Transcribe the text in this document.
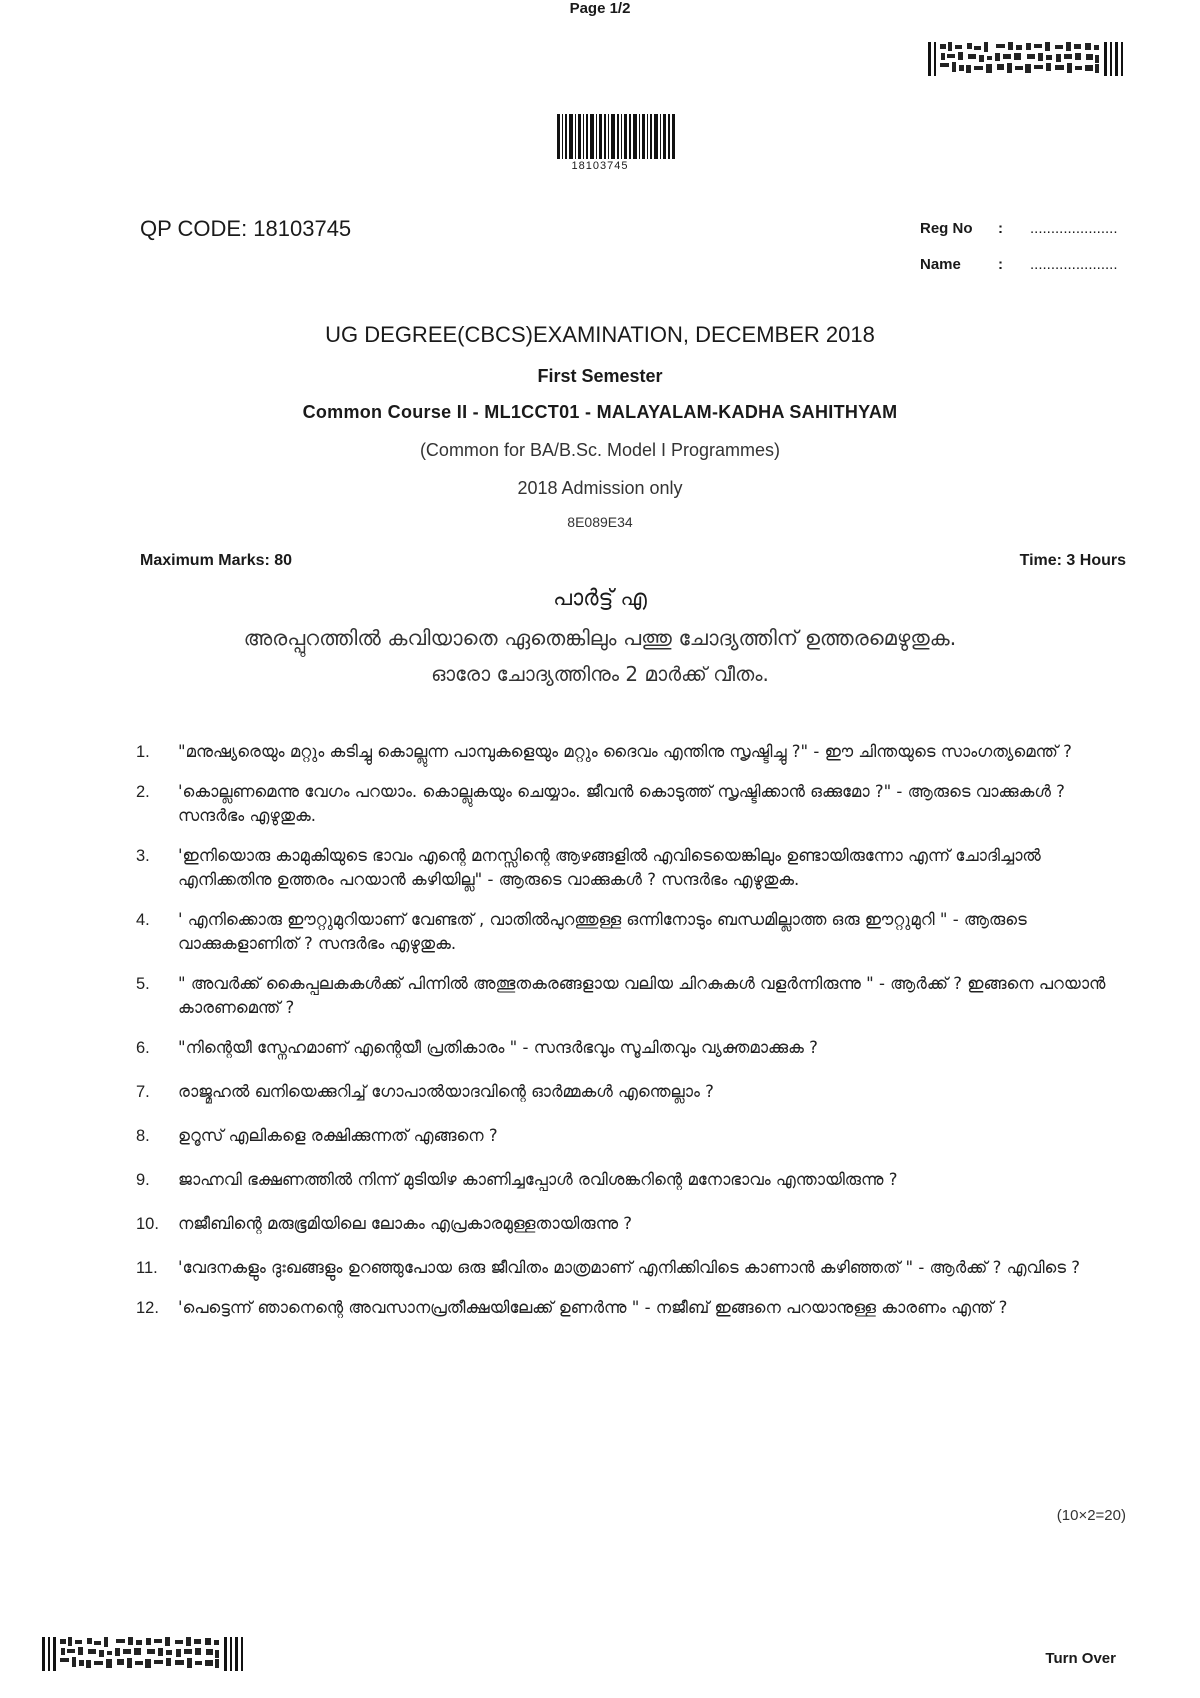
18103745
QP CODE: 18103745	Reg No : .....................
Name : .....................
UG DEGREE(CBCS)EXAMINATION, DECEMBER 2018
First Semester
Common Course II - ML1CCT01 - MALAYALAM-KADHA SAHITHYAM
(Common for BA/B.Sc. Model I Programmes)
2018 Admission only
8E089E34
Maximum Marks: 80	Time: 3 Hours
പാർട്ട് എ
അരപ്പുറത്തിൽ കവിയാതെ ഏതെങ്കിലും പത്തു ചോദ്യത്തിന് ഉത്തരമെഴുതുക.
ഓരോ ചോദ്യത്തിനും 2 മാർക്ക് വീതം.
1.	"മനുഷ്യരെയും മറ്റും കടിച്ചു കൊല്ലുന്ന പാമ്പുകളെയും മറ്റും ദൈവം എന്തിനു സൃഷ്ടിച്ചു ?" - ഈ ചിന്തയുടെ സാംഗത്യമെന്ത് ?
2.	'കൊല്ലണമെന്നു വേഗം പറയാം. കൊല്ലുകയും ചെയ്യാം. ജീവൻ കൊടുത്ത് സൃഷ്ടിക്കാൻ ഒക്കുമോ ?" - ആരുടെ വാക്കുകൾ ? സന്ദർഭം എഴുതുക.
3.	'ഇനിയൊരു കാമുകിയുടെ ഭാവം എന്റെ മനസ്സിന്റെ ആഴങ്ങളിൽ എവിടെയെങ്കിലും ഉണ്ടായിരുന്നോ എന്ന് ചോദിച്ചാൽ എനിക്കതിനു ഉത്തരം പറയാൻ കഴിയില്ല" - ആരുടെ വാക്കുകൾ ? സന്ദർഭം എഴുതുക.
4.	' എനിക്കൊരു ഈറ്റുമുറിയാണ് വേണ്ടത് , വാതിൽപുറത്തുള്ള ഒന്നിനോടും ബന്ധമില്ലാത്ത ഒരു ഈറ്റുമുറി " - ആരുടെ വാക്കുകളാണിത് ? സന്ദർഭം എഴുതുക.
5.	" അവർക്ക് കൈപ്പലകകൾക്ക് പിന്നിൽ അത്ഭുതകരങ്ങളായ വലിയ ചിറകുകൾ വളർന്നിരുന്നു " - ആർക്ക് ? ഇങ്ങനെ പറയാൻ കാരണമെന്ത് ?
6.	"നിന്റെയീ സ്നേഹമാണ് എന്റെയീ പ്രതികാരം " - സന്ദർഭവും സൂചിതവും വ്യക്തമാക്കുക ?
7.	രാജ്മഹൽ ഖനിയെക്കുറിച്ച് ഗോപാൽയാദവിന്റെ ഓർമ്മകൾ എന്തെല്ലാം ?
8.	ഉറൂസ് എലികളെ രക്ഷിക്കുന്നത് എങ്ങനെ ?
9.	ജാഹ്നവി ഭക്ഷണത്തിൽ നിന്ന് മുടിയിഴ കാണിച്ചപ്പോൾ രവിശങ്കറിന്റെ മനോഭാവം എന്തായിരുന്നു ?
10.	നജീബിന്റെ മരുഭൂമിയിലെ ലോകം എപ്രകാരമുള്ളതായിരുന്നു ?
11.	'വേദനകളും ദുഃഖങ്ങളും ഉറഞ്ഞുപോയ ഒരു ജീവിതം മാത്രമാണ് എനിക്കിവിടെ കാണാൻ കഴിഞ്ഞത് " - ആർക്ക് ? എവിടെ ?
12.	'പെട്ടെന്ന് ഞാനെന്റെ അവസാനപ്രതീക്ഷയിലേക്ക് ഉണർന്നു " - നജീബ് ഇങ്ങനെ പറയാനുള്ള കാരണം എന്ത് ?
(10×2=20)
Page 1/2
Turn Over
